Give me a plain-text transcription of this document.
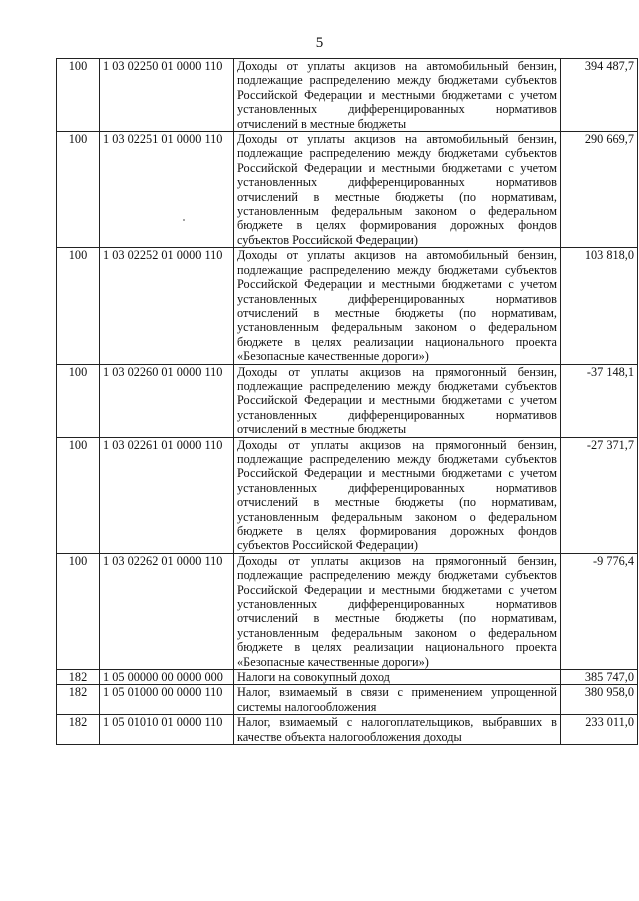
5
100	1 03 02250 01 0000 110	Доходы от уплаты акцизов на автомобильный бензин, подлежащие распределению между бюджетами субъектов Российской Федерации и местными бюджетами с учетом установленных дифференцированных нормативов отчислений в местные бюджеты	394 487,7
100	1 03 02251 01 0000 110	Доходы от уплаты акцизов на автомобильный бензин, подлежащие распределению между бюджетами субъектов Российской Федерации и местными бюджетами с учетом установленных дифференцированных нормативов отчислений в местные бюджеты (по нормативам, установленным федеральным законом о федеральном бюджете в целях формирования дорожных фондов субъектов Российской Федерации)	290 669,7
100	1 03 02252 01 0000 110	Доходы от уплаты акцизов на автомобильный бензин, подлежащие распределению между бюджетами субъектов Российской Федерации и местными бюджетами с учетом установленных дифференцированных нормативов отчислений в местные бюджеты (по нормативам, установленным федеральным законом о федеральном бюджете в целях реализации национального проекта «Безопасные качественные дороги»)	103 818,0
100	1 03 02260 01 0000 110	Доходы от уплаты акцизов на прямогонный бензин, подлежащие распределению между бюджетами субъектов Российской Федерации и местными бюджетами с учетом установленных дифференцированных нормативов отчислений в местные бюджеты	-37 148,1
100	1 03 02261 01 0000 110	Доходы от уплаты акцизов на прямогонный бензин, подлежащие распределению между бюджетами субъектов Российской Федерации и местными бюджетами с учетом установленных дифференцированных нормативов отчислений в местные бюджеты (по нормативам, установленным федеральным законом о федеральном бюджете в целях формирования дорожных фондов субъектов Российской Федерации)	-27 371,7
100	1 03 02262 01 0000 110	Доходы от уплаты акцизов на прямогонный бензин, подлежащие распределению между бюджетами субъектов Российской Федерации и местными бюджетами с учетом установленных дифференцированных нормативов отчислений в местные бюджеты (по нормативам, установленным федеральным законом о федеральном бюджете в целях реализации национального проекта «Безопасные качественные дороги»)	-9 776,4
182	1 05 00000 00 0000 000	Налоги на совокупный доход	385 747,0
182	1 05 01000 00 0000 110	Налог, взимаемый в связи с применением упрощенной системы налогообложения	380 958,0
182	1 05 01010 01 0000 110	Налог, взимаемый с налогоплательщиков, выбравших в качестве объекта налогообложения доходы	233 011,0
